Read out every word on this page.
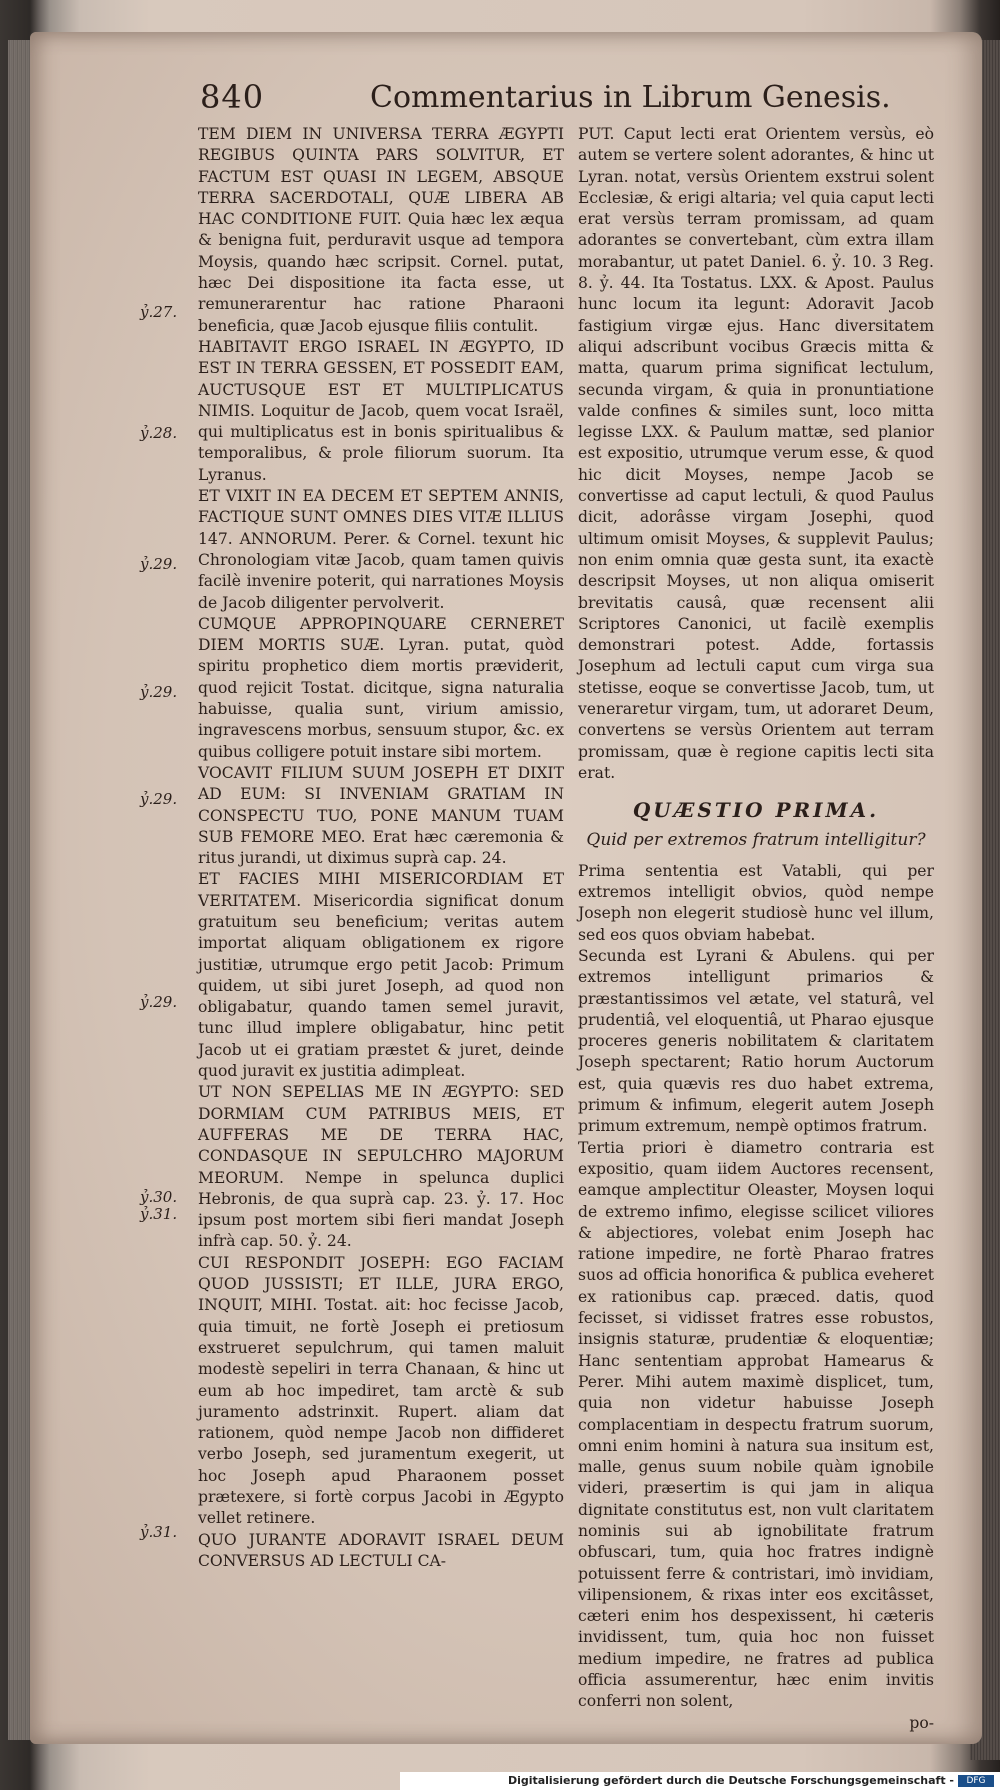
840	Commentarius in Librum Genesis.
ỷ.27.
ỷ.28.
ỷ.29.
ỷ.29.
ỷ.29.
ỷ.29.
ỷ.30.
ỷ.31.
ỷ.31.

TEM DIEM IN UNIVERSA TERRA ÆGYPTI REGIBUS QUINTA PARS SOLVITUR, ET FACTUM EST QUASI IN LEGEM, ABSQUE TERRA SACERDOTALI, QUÆ LIBERA AB HAC CONDITIONE FUIT. Quia hæc lex æqua & benigna fuit, perduravit usque ad tempora Moysis, quando hæc scripsit. Cornel. putat, hæc Dei dispositione ita facta esse, ut remunerarentur hac ratione Pharaoni beneficia, quæ Jacob ejusque filiis contulit.

HABITAVIT ERGO ISRAEL IN ÆGYPTO, ID EST IN TERRA GESSEN, ET POSSEDIT EAM, AUCTUSQUE EST ET MULTIPLICATUS NIMIS. Loquitur de Jacob, quem vocat Israël, qui multiplicatus est in bonis spiritualibus & temporalibus, & prole filiorum suorum. Ita Lyranus.

ET VIXIT IN EA DECEM ET SEPTEM ANNIS, FACTIQUE SUNT OMNES DIES VITÆ ILLIUS 147. ANNORUM. Perer. & Cornel. texunt hic Chronologiam vitæ Jacob, quam tamen quivis facilè invenire poterit, qui narrationes Moysis de Jacob diligenter pervolverit.

CUMQUE APPROPINQUARE CERNERET DIEM MORTIS SUÆ. Lyran. putat, quòd spiritu prophetico diem mortis præviderit, quod rejicit Tostat. dicitque, signa naturalia habuisse, qualia sunt, virium amissio, ingravescens morbus, sensuum stupor, &c. ex quibus colligere potuit instare sibi mortem.

VOCAVIT FILIUM SUUM JOSEPH ET DIXIT AD EUM: SI INVENIAM GRATIAM IN CONSPECTU TUO, PONE MANUM TUAM SUB FEMORE MEO. Erat hæc cæremonia & ritus jurandi, ut diximus suprà cap. 24.

ET FACIES MIHI MISERICORDIAM ET VERITATEM. Misericordia significat donum gratuitum seu beneficium; veritas autem importat aliquam obligationem ex rigore justitiæ, utrumque ergo petit Jacob: Primum quidem, ut sibi juret Joseph, ad quod non obligabatur, quando tamen semel juravit, tunc illud implere obligabatur, hinc petit Jacob ut ei gratiam præstet & juret, deinde quod juravit ex justitia adimpleat.

UT NON SEPELIAS ME IN ÆGYPTO: SED DORMIAM CUM PATRIBUS MEIS, ET AUFFERAS ME DE TERRA HAC, CONDASQUE IN SEPULCHRO MAJORUM MEORUM. Nempe in spelunca duplici Hebronis, de qua suprà cap. 23. ỷ. 17. Hoc ipsum post mortem sibi fieri mandat Joseph infrà cap. 50. ỷ. 24.

CUI RESPONDIT JOSEPH: EGO FACIAM QUOD JUSSISTI; ET ILLE, JURA ERGO, INQUIT, MIHI. Tostat. ait: hoc fecisse Jacob, quia timuit, ne fortè Joseph ei pretiosum exstrueret sepulchrum, qui tamen maluit modestè sepeliri in terra Chanaan, & hinc ut eum ab hoc impediret, tam arctè & sub juramento adstrinxit. Rupert. aliam dat rationem, quòd nempe Jacob non diffideret verbo Joseph, sed juramentum exegerit, ut hoc Joseph apud Pharaonem posset prætexere, si fortè corpus Jacobi in Ægypto vellet retinere.

QUO JURANTE ADORAVIT ISRAEL DEUM CONVERSUS AD LECTULI CA-

PUT. Caput lecti erat Orientem versùs, eò autem se vertere solent adorantes, & hinc ut Lyran. notat, versùs Orientem exstrui solent Ecclesiæ, & erigi altaria; vel quia caput lecti erat versùs terram promissam, ad quam adorantes se convertebant, cùm extra illam morabantur, ut patet Daniel. 6. ỷ. 10. 3 Reg. 8. ỷ. 44. Ita Tostatus. LXX. & Apost. Paulus hunc locum ita legunt: Adoravit Jacob fastigium virgæ ejus. Hanc diversitatem aliqui adscribunt vocibus Græcis mitta & matta, quarum prima significat lectulum, secunda virgam, & quia in pronuntiatione valde confines & similes sunt, loco mitta legisse LXX. & Paulum mattæ, sed planior est expositio, utrumque verum esse, & quod hic dicit Moyses, nempe Jacob se convertisse ad caput lectuli, & quod Paulus dicit, adorâsse virgam Josephi, quod ultimum omisit Moyses, & supplevit Paulus; non enim omnia quæ gesta sunt, ita exactè descripsit Moyses, ut non aliqua omiserit brevitatis causâ, quæ recensent alii Scriptores Canonici, ut facilè exemplis demonstrari potest. Adde, fortassis Josephum ad lectuli caput cum virga sua stetisse, eoque se convertisse Jacob, tum, ut veneraretur virgam, tum, ut adoraret Deum, convertens se versùs Orientem aut terram promissam, quæ è regione capitis lecti sita erat.

QUÆSTIO PRIMA.
Quid per extremos fratrum intelligitur?

Prima sententia est Vatabli, qui per extremos intelligit obvios, quòd nempe Joseph non elegerit studiosè hunc vel illum, sed eos quos obviam habebat.

Secunda est Lyrani & Abulens. qui per extremos intelligunt primarios & præstantissimos vel ætate, vel staturâ, vel prudentiâ, vel eloquentiâ, ut Pharao ejusque proceres generis nobilitatem & claritatem Joseph spectarent; Ratio horum Auctorum est, quia quævis res duo habet extrema, primum & infimum, elegerit autem Joseph primum extremum, nempè optimos fratrum.

Tertia priori è diametro contraria est expositio, quam iidem Auctores recensent, eamque amplectitur Oleaster, Moysen loqui de extremo infimo, elegisse scilicet viliores & abjectiores, volebat enim Joseph hac ratione impedire, ne fortè Pharao fratres suos ad officia honorifica & publica eveheret ex rationibus cap. præced. datis, quod fecisset, si vidisset fratres esse robustos, insignis staturæ, prudentiæ & eloquentiæ; Hanc sententiam approbat Hamearus & Perer. Mihi autem maximè displicet, tum, quia non videtur habuisse Joseph complacentiam in despectu fratrum suorum, omni enim homini à natura sua insitum est, malle, genus suum nobile quàm ignobile videri, præsertim is qui jam in aliqua dignitate constitutus est, non vult claritatem nominis sui ab ignobilitate fratrum obfuscari, tum, quia hoc fratres indignè potuissent ferre & contristari, imò invidiam, vilipensionem, & rixas inter eos excitâsset, cæteri enim hos despexissent, hi cæteris invidissent, tum, quia hoc non fuisset medium impedire, ne fratres ad publica officia assumerentur, hæc enim invitis conferri non solent,

po-

Digitalisierung gefördert durch die Deutsche Forschungsgemeinschaft -	DFG
